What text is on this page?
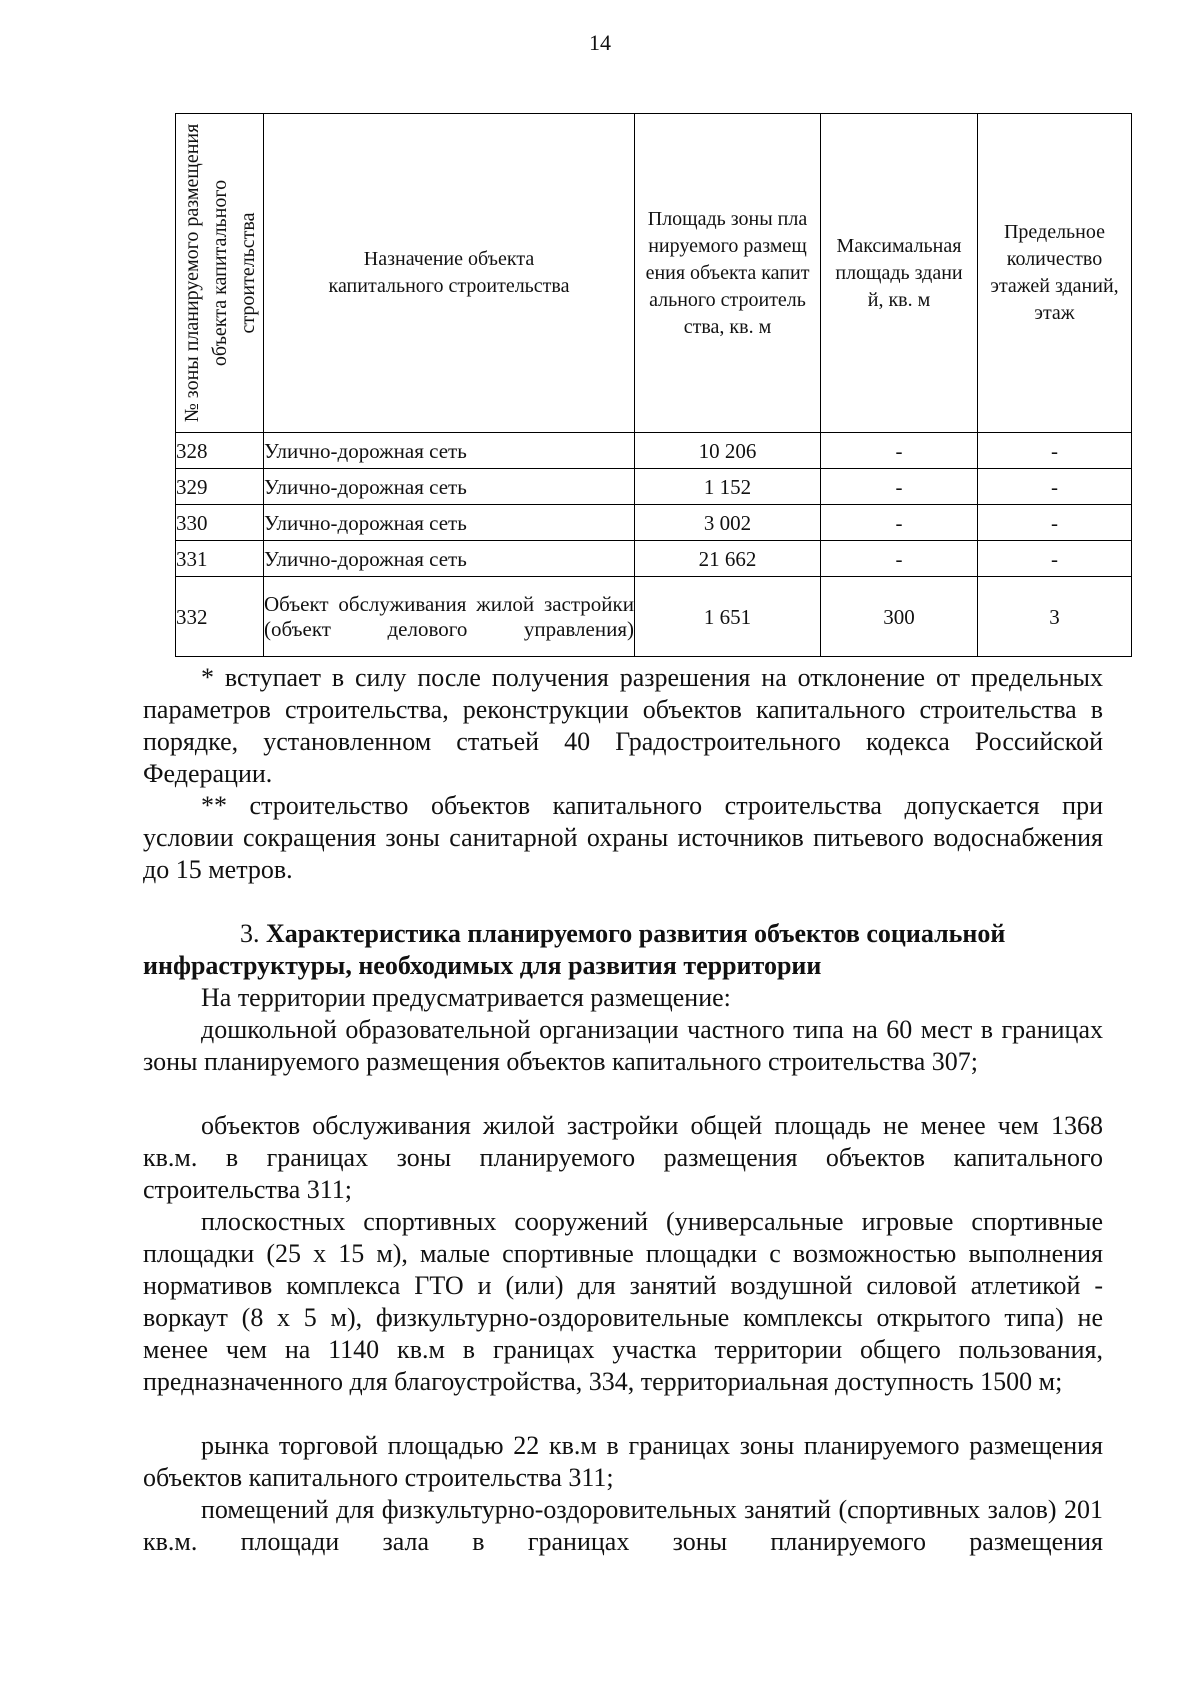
14
№ зоны планируемого размещения объекта капитального строительства	Назначение объекта капитального строительства	Площадь зоны планируемого размещения объекта капитального строительства, кв. м	Максимальная площадь зданий, кв. м	Предельное количество этажей зданий, этаж
328	Улично-дорожная сеть	10 206	-	-
329	Улично-дорожная сеть	1 152	-	-
330	Улично-дорожная сеть	3 002	-	-
331	Улично-дорожная сеть	21 662	-	-
332	Объект обслуживания жилой застройки (объект делового управления)	1 651	300	3

* вступает в силу после получения разрешения на отклонение от предельных параметров строительства, реконструкции объектов капитального строительства в порядке, установленном статьей 40 Градостроительного кодекса Российской Федерации.

** строительство объектов капитального строительства допускается при условии сокращения зоны санитарной охраны источников питьевого водоснабжения до 15 метров.

3. Характеристика планируемого развития объектов социальной инфраструктуры, необходимых для развития территории

На территории предусматривается размещение:

дошкольной образовательной организации частного типа на 60 мест в границах зоны планируемого размещения объектов капитального строительства 307;

объектов обслуживания жилой застройки общей площадь не менее чем 1368 кв.м. в границах зоны планируемого размещения объектов капитального строительства 311;

плоскостных спортивных сооружений (универсальные игровые спортивные площадки (25 х 15 м), малые спортивные площадки с возможностью выполнения нормативов комплекса ГТО и (или) для занятий воздушной силовой атлетикой - воркаут (8 х 5 м), физкультурно-оздоровительные комплексы открытого типа) не менее чем на 1140 кв.м в границах участка территории общего пользования, предназначенного для благоустройства, 334, территориальная доступность 1500 м;

рынка торговой площадью 22 кв.м в границах зоны планируемого размещения объектов капитального строительства 311;

помещений для физкультурно-оздоровительных занятий (спортивных залов) 201 кв.м. площади зала в границах зоны планируемого размещения
